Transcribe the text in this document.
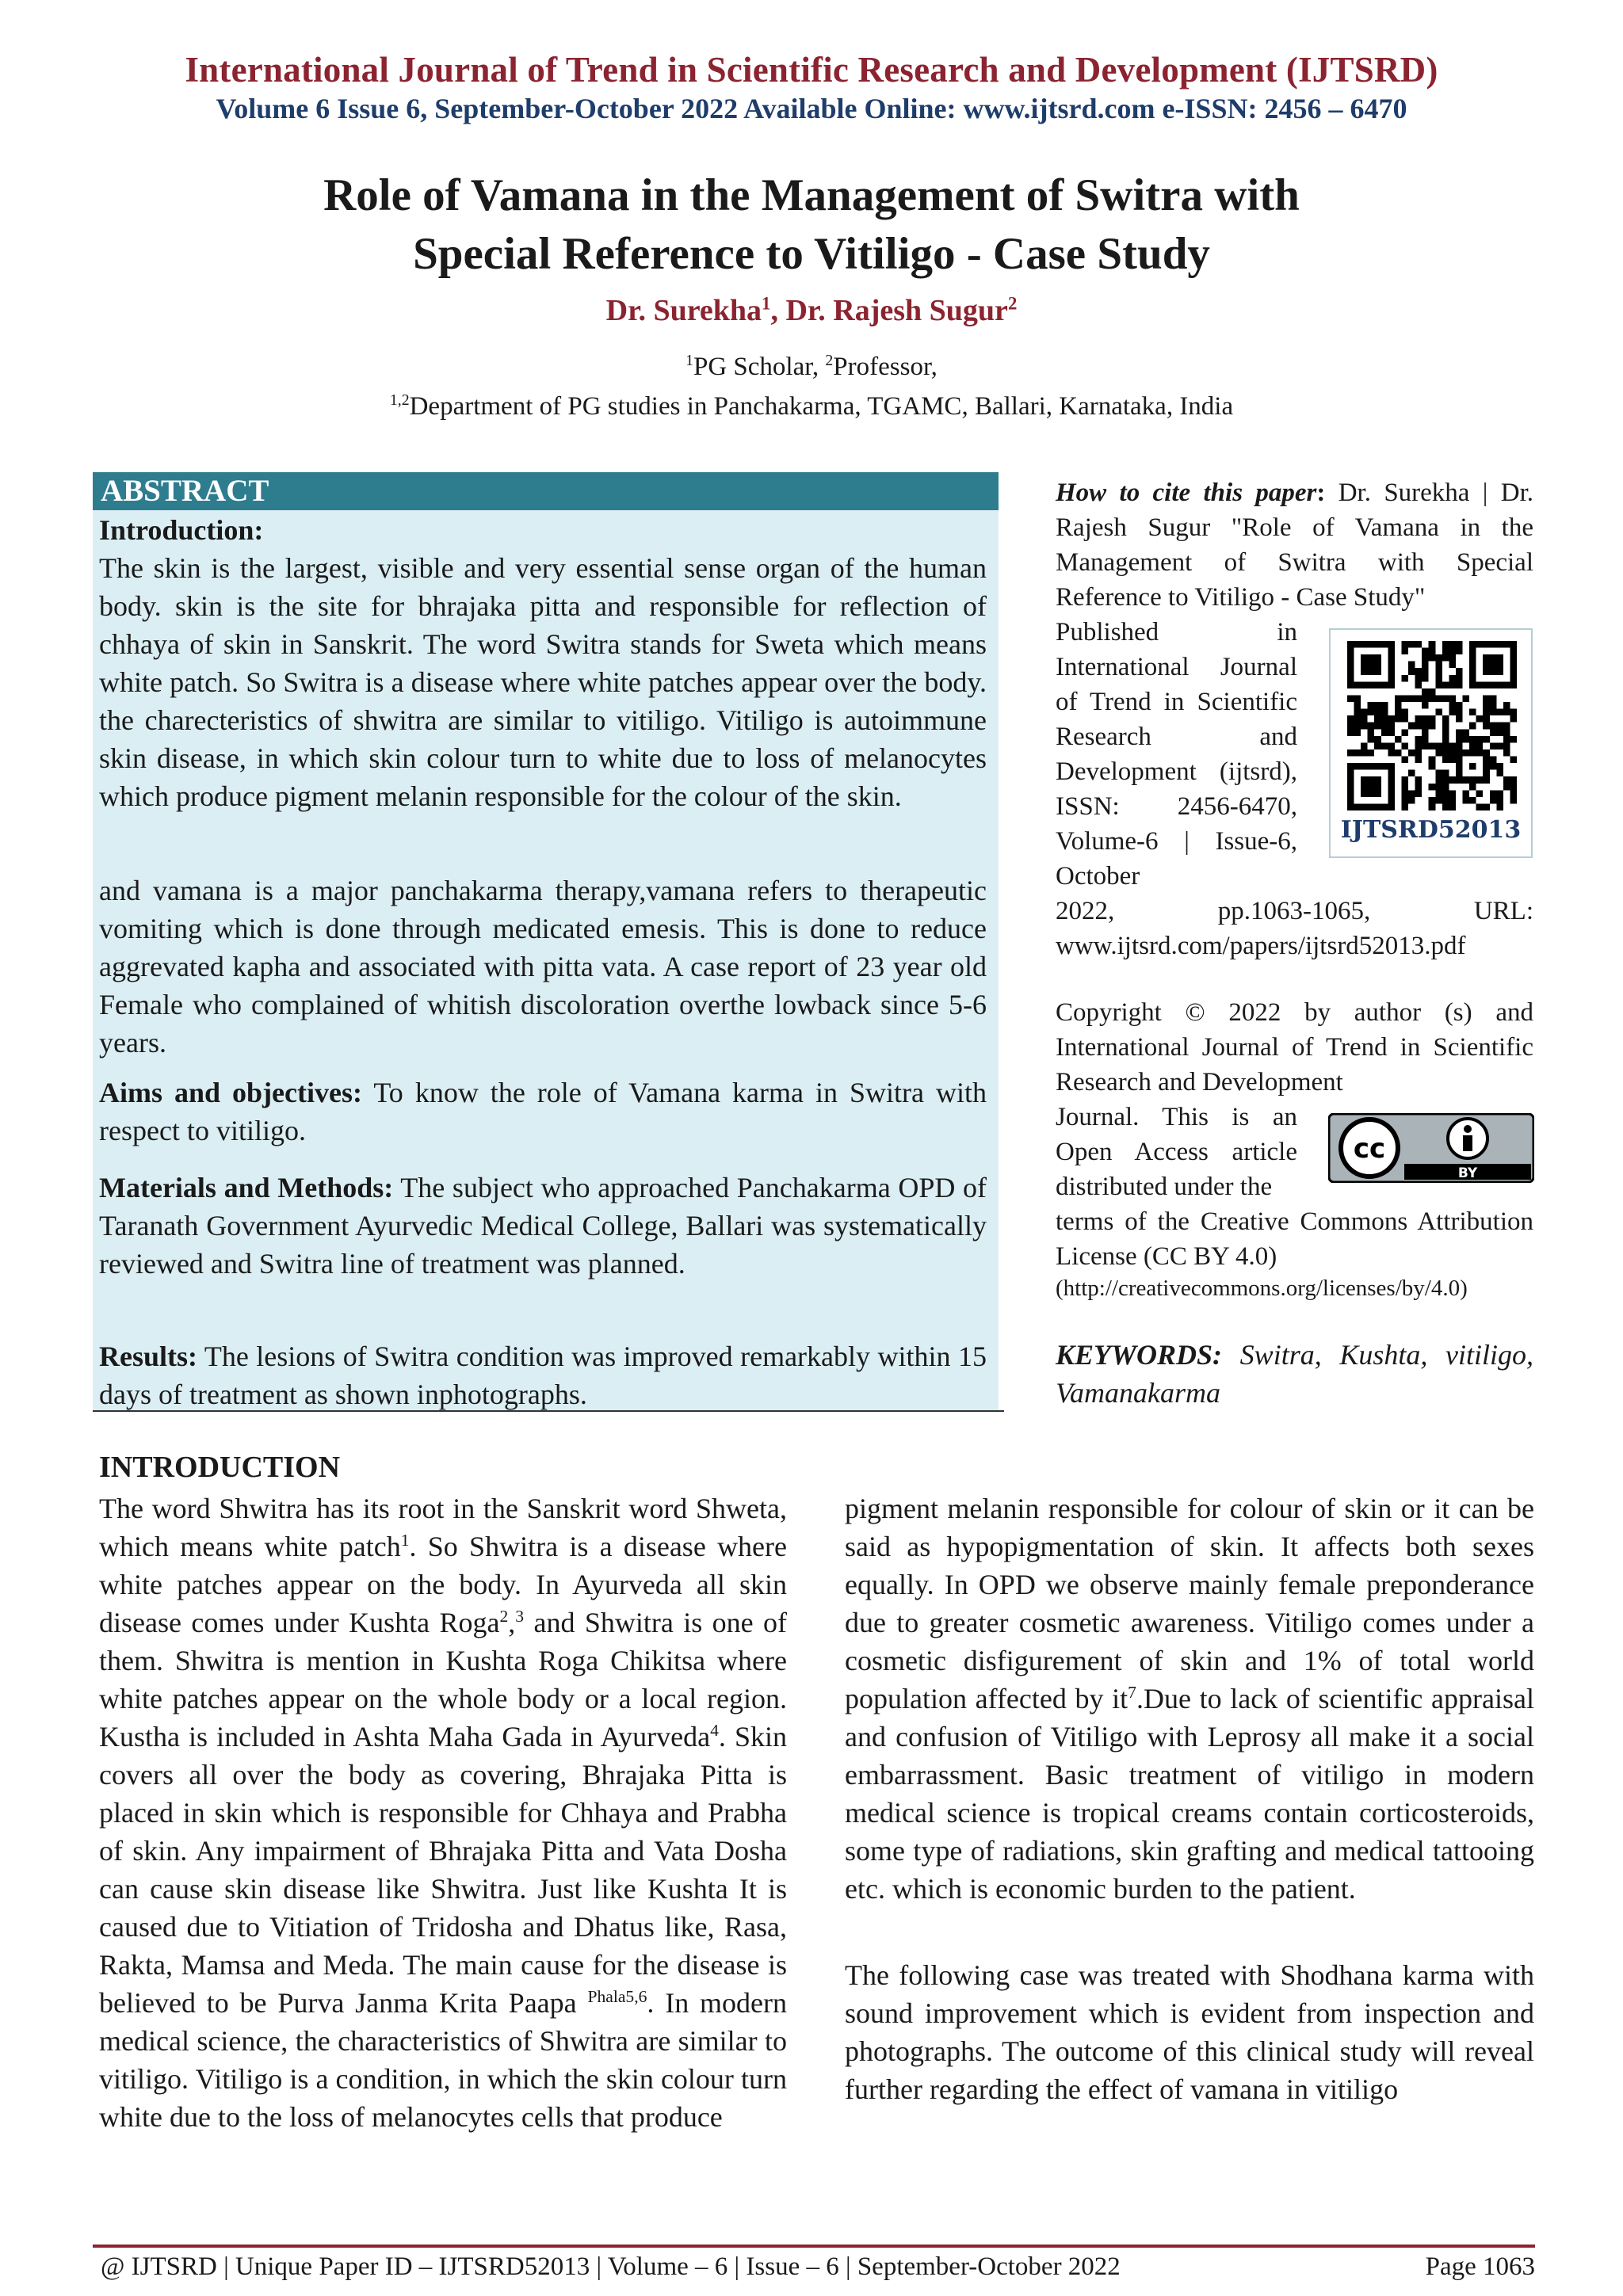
International Journal of Trend in Scientific Research and Development (IJTSRD)
Volume 6 Issue 6, September-October 2022 Available Online: www.ijtsrd.com e-ISSN: 2456 – 6470
Role of Vamana in the Management of Switra with
Special Reference to Vitiligo - Case Study
Dr. Surekha$^1$, Dr. Rajesh Sugur$^2$
$^1$PG Scholar, $^2$Professor,
$^{1,2}$Department of PG studies in Panchakarma, TGAMC, Ballari, Karnataka, India
ABSTRACT
Introduction:
The skin is the largest, visible and very essential sense organ of the human body. skin is the site for bhrajaka pitta and responsible for reflection of chhaya of skin in Sanskrit. The word Switra stands for Sweta which means white patch. So Switra is a disease where white patches appear over the body. the charecteristics of shwitra are similar to vitiligo. Vitiligo is autoimmune skin disease, in which skin colour turn to white due to loss of melanocytes which produce pigment melanin responsible for the colour of the skin.
and vamana is a major panchakarma therapy,vamana refers to therapeutic vomiting which is done through medicated emesis. This is done to reduce aggrevated kapha and associated with pitta vata. A case report of 23 year old Female who complained of whitish discoloration overthe lowback since 5-6 years.
Aims and objectives: To know the role of Vamana karma in Switra with respect to vitiligo.
Materials and Methods: The subject who approached Panchakarma OPD of Taranath Government Ayurvedic Medical College, Ballari was systematically reviewed and Switra line of treatment was planned.
Results: The lesions of Switra condition was improved remarkably within 15 days of treatment as shown inphotographs.
How to cite this paper: Dr. Surekha | Dr. Rajesh Sugur "Role of Vamana in the Management of Switra with Special Reference to Vitiligo - Case Study"
Published in International Journal of Trend in Scientific Research and Development (ijtsrd), ISSN: 2456-6470, Volume-6 | Issue-6, October
2022, pp.1063-1065, URL: www.ijtsrd.com/papers/ijtsrd52013.pdf
IJTSRD52013
Copyright © 2022 by author (s) and International Journal of Trend in Scientific Research and Development
Journal. This is an Open Access article distributed under the
terms of the Creative Commons Attribution License (CC BY 4.0)
(http://creativecommons.org/licenses/by/4.0)
cc
BY
KEYWORDS: Switra, Kushta, vitiligo, Vamanakarma
INTRODUCTION
The word Shwitra has its root in the Sanskrit word Shweta, which means white patch$^1$. So Shwitra is a disease where white patches appear on the body. In Ayurveda all skin disease comes under Kushta Roga$^2$,$^3$ and Shwitra is one of them. Shwitra is mention in Kushta Roga Chikitsa where white patches appear on the whole body or a local region. Kustha is included in Ashta Maha Gada in Ayurveda$^4$. Skin covers all over the body as covering, Bhrajaka Pitta is placed in skin which is responsible for Chhaya and Prabha of skin. Any impairment of Bhrajaka Pitta and Vata Dosha can cause skin disease like Shwitra. Just like Kushta It is caused due to Vitiation of Tridosha and Dhatus like, Rasa, Rakta, Mamsa and Meda. The main cause for the disease is believed to be Purva Janma Krita Paapa $^{Phala5,6}$. In modern medical science, the characteristics of Shwitra are similar to vitiligo. Vitiligo is a condition, in which the skin colour turn white due to the loss of melanocytes cells that produce
pigment melanin responsible for colour of skin or it can be said as hypopigmentation of skin. It affects both sexes equally. In OPD we observe mainly female preponderance due to greater cosmetic awareness. Vitiligo comes under a cosmetic disfigurement of skin and 1% of total world population affected by $it^7.Due$ to lack of scientific appraisal and confusion of Vitiligo with Leprosy all make it a social embarrassment. Basic treatment of vitiligo in modern medical science is tropical creams contain corticosteroids, some type of radiations, skin grafting and medical tattooing etc. which is economic burden to the patient.
The following case was treated with Shodhana karma with sound improvement which is evident from inspection and photographs. The outcome of this clinical study will reveal further regarding the effect of vamana in vitiligo
@ IJTSRD | Unique Paper ID – IJTSRD52013 | Volume – 6 | Issue – 6 | September-October 2022	Page 1063
